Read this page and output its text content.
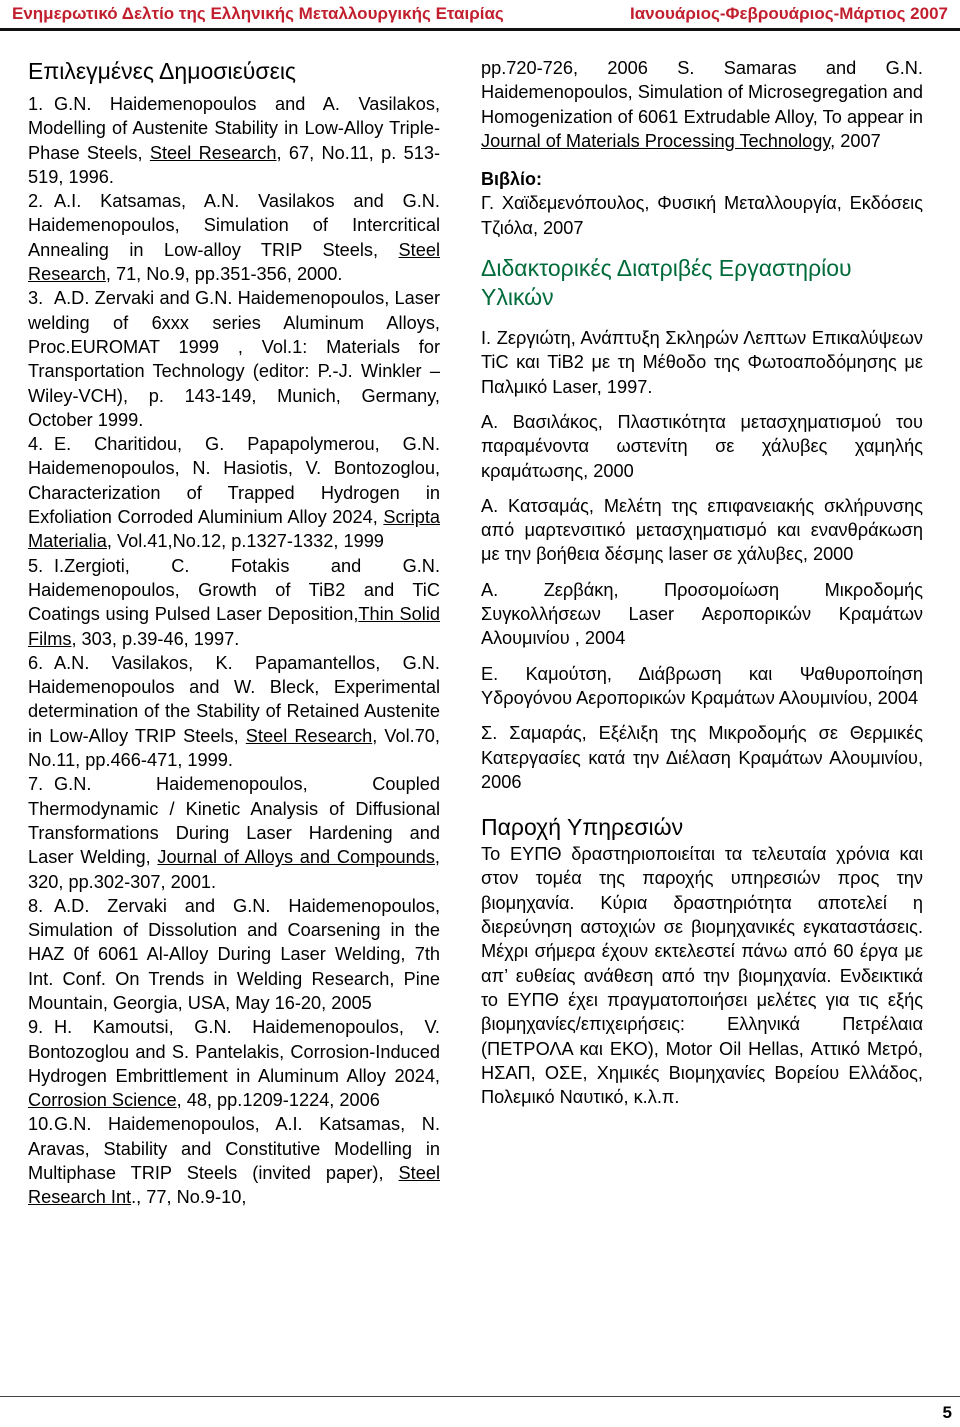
Ενημερωτικό Δελτίο της Ελληνικής Μεταλλουργικής Εταιρίας	Ιανουάριος-Φεβρουάριος-Μάρτιος 2007
Επιλεγμένες Δημοσιεύσεις

1. G.N. Haidemenopoulos and A. Vasilakos, Modelling of Austenite Stability in Low-Alloy Triple-Phase Steels, Steel Research, 67, No.11, p. 513-519, 1996.

2. A.I. Katsamas, A.N. Vasilakos and G.N. Haidemenopoulos, Simulation of Intercritical Annealing in Low-alloy TRIP Steels, Steel Research, 71, No.9, pp.351-356, 2000.

3. A.D. Zervaki and G.N. Haidemenopoulos, Laser welding of 6xxx series Aluminum Alloys, Proc.EUROMAT 1999 , Vol.1: Materials for Transportation Technology (editor: P.-J. Winkler – Wiley-VCH), p. 143-149, Munich, Germany, October 1999.

4. E. Charitidou, G. Papapolymerou, G.N. Haidemenopoulos, N. Hasiotis, V. Bontozoglou, Characterization of Trapped Hydrogen in Exfoliation Corroded Aluminium Alloy 2024, Scripta Materialia, Vol.41,No.12, p.1327-1332, 1999

5. I.Zergioti, C. Fotakis and G.N. Haidemenopoulos, Growth of TiB2 and TiC Coatings using Pulsed Laser Deposition,Thin Solid Films, 303, p.39-46, 1997.

6. A.N. Vasilakos, K. Papamantellos, G.N. Haidemenopoulos and W. Bleck, Experimental determination of the Stability of Retained Austenite in Low-Alloy TRIP Steels, Steel Research, Vol.70, No.11, pp.466-471, 1999.

7. G.N. Haidemenopoulos, Coupled Thermodynamic / Kinetic Analysis of Diffusional Transformations During Laser Hardening and Laser Welding, Journal of Alloys and Compounds, 320, pp.302-307, 2001.

8. A.D. Zervaki and G.N. Haidemenopoulos, Simulation of Dissolution and Coarsening in the HAZ 0f 6061 Al-Alloy During Laser Welding, 7th Int. Conf. On Trends in Welding Research, Pine Mountain, Georgia, USA, May 16-20, 2005

9. H. Kamoutsi, G.N. Haidemenopoulos, V. Bontozoglou and S. Pantelakis, Corrosion-Induced Hydrogen Embrittlement in Aluminum Alloy 2024, Corrosion Science, 48, pp.1209-1224, 2006

10.G.N. Haidemenopoulos, A.I. Katsamas, N. Aravas, Stability and Constitutive Modelling in Multiphase TRIP Steels (invited paper), Steel Research Int., 77, No.9-10,

pp.720-726, 2006 S. Samaras and G.N. Haidemenopoulos, Simulation of Microsegregation and Homogenization of 6061 Extrudable Alloy, To appear in Journal of Materials Processing Technology, 2007

Βιβλίο:

Γ. Χαϊδεμενόπουλος, Φυσική Μεταλλουργία, Εκδόσεις Τζιόλα, 2007

Διδακτορικές Διατριβές Εργαστηρίου Υλικών

Ι. Ζεργιώτη, Ανάπτυξη Σκληρών Λεπτων Επικαλύψεων TiC και TiB2 με τη Μέθοδο της Φωτοαποδόμησης με Παλμικό Laser, 1997.

Α. Βασιλάκος, Πλαστικότητα μετασχηματισμού του παραμένοντα ωστενίτη σε χάλυβες χαμηλής κραμάτωσης, 2000

Α. Κατσαμάς, Μελέτη της επιφανειακής σκλήρυνσης από μαρτενσιτικό μετασχηματισμό και ενανθράκωση με την βοήθεια δέσμης laser σε χάλυβες, 2000

Α. Ζερβάκη, Προσομοίωση Μικροδομής Συγκολλήσεων Laser Αεροπορικών Κραμάτων Αλουμινίου , 2004

Ε. Καμούτση, Διάβρωση και Ψαθυροποίηση Υδρογόνου Αεροπορικών Κραμάτων Αλουμινίου, 2004

Σ. Σαμαράς, Εξέλιξη της Μικροδομής σε Θερμικές Κατεργασίες κατά την Διέλαση Κραμάτων Αλουμινίου, 2006

Παροχή Υπηρεσιών

Το ΕΥΠΘ δραστηριοποιείται τα τελευταία χρόνια και στον τομέα της παροχής υπηρεσιών προς την βιομηχανία. Κύρια δραστηριότητα αποτελεί η διερεύνηση αστοχιών σε βιομηχανικές εγκαταστάσεις. Μέχρι σήμερα έχουν εκτελεστεί πάνω από 60 έργα με απ’ ευθείας ανάθεση από την βιομηχανία. Ενδεικτικά το ΕΥΠΘ έχει πραγματοποιήσει μελέτες για τις εξής βιομηχανίες/επιχειρήσεις: Ελληνικά Πετρέλαια (ΠΕΤΡΟΛΑ και ΕΚΟ), Motor Oil Hellas, Αττικό Μετρό, ΗΣΑΠ, ΟΣΕ, Χημικές Βιομηχανίες Βορείου Ελλάδος, Πολεμικό Ναυτικό, κ.λ.π.

5
